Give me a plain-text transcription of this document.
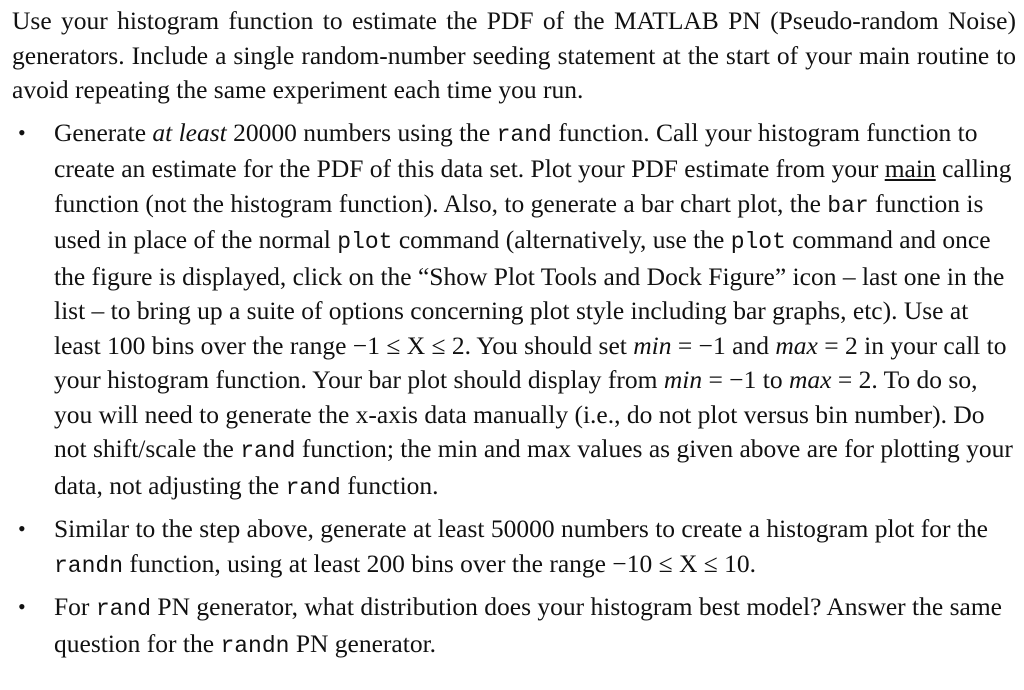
Use your histogram function to estimate the PDF of the MATLAB PN (Pseudo-random Noise) generators. Include a single random-number seeding statement at the start of your main routine to avoid repeating the same experiment each time you run.

• Generate at least 20000 numbers using the rand function. Call your histogram function to create an estimate for the PDF of this data set. Plot your PDF estimate from your main calling function (not the histogram function). Also, to generate a bar chart plot, the bar function is used in place of the normal plot command (alternatively, use the plot command and once the figure is displayed, click on the “Show Plot Tools and Dock Figure” icon – last one in the list – to bring up a suite of options concerning plot style including bar graphs, etc). Use at least 100 bins over the range −1 ≤ X ≤ 2. You should set min = −1 and max = 2 in your call to your histogram function. Your bar plot should display from min = −1 to max = 2. To do so, you will need to generate the x-axis data manually (i.e., do not plot versus bin number). Do not shift/scale the rand function; the min and max values as given above are for plotting your data, not adjusting the rand function.
• Similar to the step above, generate at least 50000 numbers to create a histogram plot for the randn function, using at least 200 bins over the range −10 ≤ X ≤ 10.
• For rand PN generator, what distribution does your histogram best model? Answer the same question for the randn PN generator.
